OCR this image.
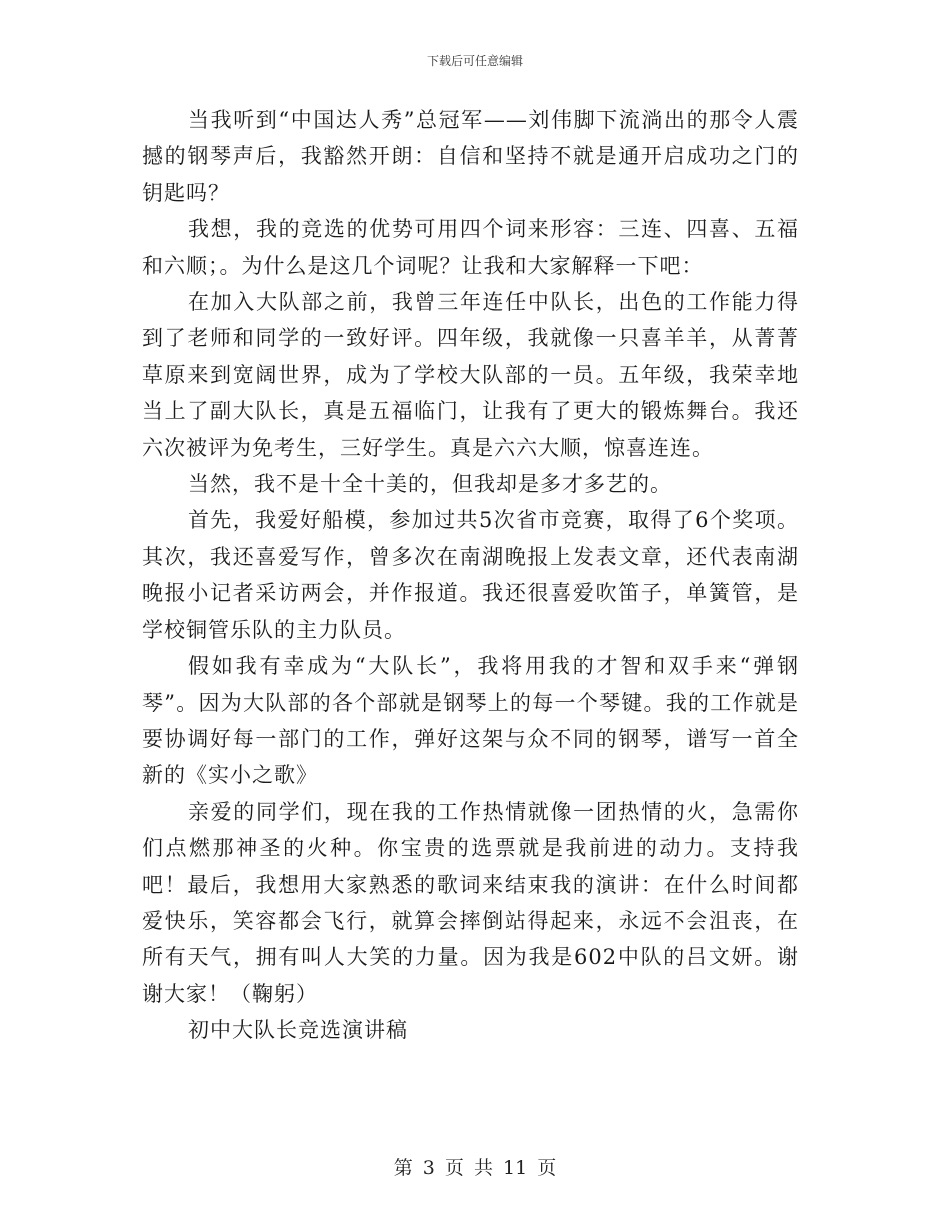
下载后可任意编辑

当我听到“中国达人秀”总冠军——刘伟脚下流淌出的那令人震撼的钢琴声后，我豁然开朗：自信和坚持不就是通开启成功之门的钥匙吗？

我想，我的竞选的优势可用四个词来形容：三连、四喜、五福和六顺；。为什么是这几个词呢？让我和大家解释一下吧：

在加入大队部之前，我曾三年连任中队长，出色的工作能力得到了老师和同学的一致好评。四年级，我就像一只喜羊羊，从菁菁草原来到宽阔世界，成为了学校大队部的一员。五年级，我荣幸地当上了副大队长，真是五福临门，让我有了更大的锻炼舞台。我还六次被评为免考生，三好学生。真是六六大顺，惊喜连连。

当然，我不是十全十美的，但我却是多才多艺的。

首先，我爱好船模，参加过共5次省市竞赛，取得了6个奖项。其次，我还喜爱写作，曾多次在南湖晚报上发表文章，还代表南湖晚报小记者采访两会，并作报道。我还很喜爱吹笛子，单簧管，是学校铜管乐队的主力队员。

假如我有幸成为“大队长”，我将用我的才智和双手来“弹钢琴”。因为大队部的各个部就是钢琴上的每一个琴键。我的工作就是要协调好每一部门的工作，弹好这架与众不同的钢琴，谱写一首全新的《实小之歌》

亲爱的同学们，现在我的工作热情就像一团热情的火，急需你们点燃那神圣的火种。你宝贵的选票就是我前进的动力。支持我吧！最后，我想用大家熟悉的歌词来结束我的演讲：在什么时间都爱快乐，笑容都会飞行，就算会摔倒站得起来，永远不会沮丧，在所有天气，拥有叫人大笑的力量。因为我是602中队的吕文妍。谢谢大家！（鞠躬）

初中大队长竞选演讲稿

第 3 页 共 11 页
